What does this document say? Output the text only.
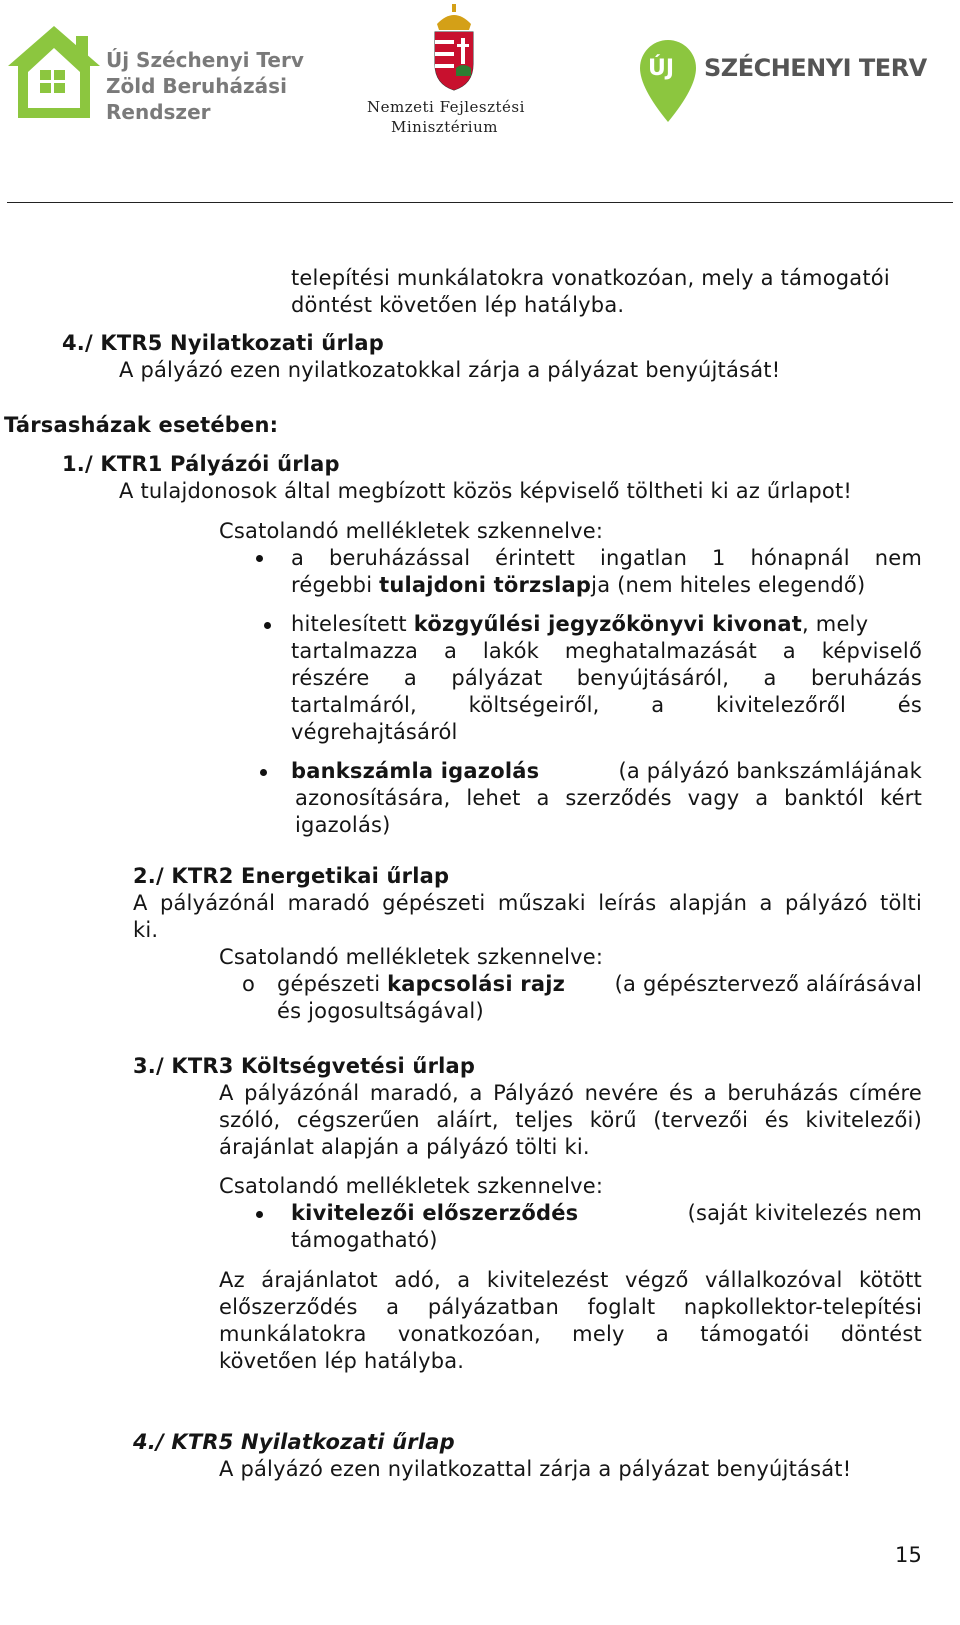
Új Széchenyi Terv
Zöld Beruházási
Rendszer	Nemzeti Fejlesztési
Minisztérium
ÚJ SZÉCHENYI TERV
telepítési munkálatokra vonatkozóan, mely a támogatói
döntést követően lép hatályba.
4./ KTR5 Nyilatkozati űrlap
A pályázó ezen nyilatkozatokkal zárja a pályázat benyújtását!
Társasházak esetében:
1./ KTR1 Pályázói űrlap
A tulajdonosok által megbízott közös képviselő töltheti ki az űrlapot!
Csatolandó mellékletek szkennelve:
a beruházással érintett ingatlan 1 hónapnál nem
régebbi tulajdoni törzslapja (nem hiteles elegendő)
hitelesített közgyűlési jegyzőkönyvi kivonat, mely
tartalmazza a lakók meghatalmazását a képviselő
részére a pályázat benyújtásáról, a beruházás
tartalmáról, költségeiről, a kivitelezőről és
végrehajtásáról
bankszámla igazolás	(a pályázó bankszámlájának
azonosítására, lehet a szerződés vagy a banktól kért
igazolás)
2./ KTR2 Energetikai űrlap
A pályázónál maradó gépészeti műszaki leírás alapján a pályázó tölti
ki.
Csatolandó mellékletek szkennelve:
o gépészeti kapcsolási rajz (a gépésztervező aláírásával
és jogosultságával)
3./ KTR3 Költségvetési űrlap
A pályázónál maradó, a Pályázó nevére és a beruházás címére
szóló, cégszerűen aláírt, teljes körű (tervezői és kivitelezői)
árajánlat alapján a pályázó tölti ki.
Csatolandó mellékletek szkennelve:
kivitelezői előszerződés	(saját kivitelezés nem
támogatható)
Az árajánlatot adó, a kivitelezést végző vállalkozóval kötött
előszerződés a pályázatban foglalt napkollektor-telepítési
munkálatokra vonatkozóan, mely a támogatói döntést
követően lép hatályba.
4./ KTR5 Nyilatkozati űrlap
A pályázó ezen nyilatkozattal zárja a pályázat benyújtását!
15
